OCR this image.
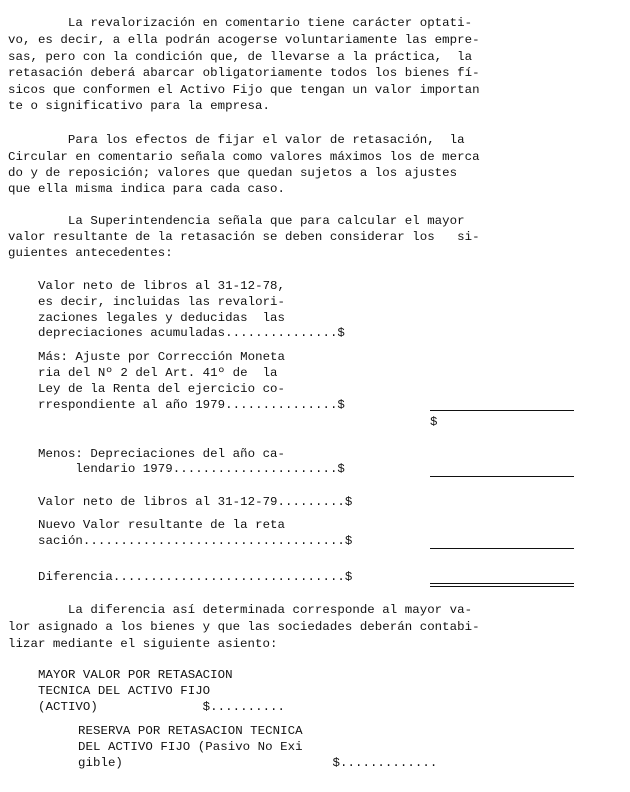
La revalorización en comentario tiene carácter optati-
vo, es decir, a ella podrán acogerse voluntariamente las empre-
sas, pero con la condición que, de llevarse a la práctica,  la
retasación deberá abarcar obligatoriamente todos los bienes fí-
sicos que conformen el Activo Fijo que tengan un valor importan
te o significativo para la empresa.
Para los efectos de fijar el valor de retasación,  la
Circular en comentario señala como valores máximos los de merca
do y de reposición; valores que quedan sujetos a los ajustes
que ella misma indica para cada caso.
La Superintendencia señala que para calcular el mayor
valor resultante de la retasación se deben considerar los   si-
guientes antecedentes:
Valor neto de libros al 31-12-78,
es decir, incluidas las revalori-
zaciones legales y deducidas  las
depreciaciones acumuladas...............$
Más: Ajuste por Corrección Moneta
ria del Nº 2 del Art. 41º de  la
Ley de la Renta del ejercicio co-
rrespondiente al año 1979...............$
$
Menos: Depreciaciones del año ca-
lendario 1979......................$
Valor neto de libros al 31-12-79.........$
Nuevo Valor resultante de la reta
sación...................................$
Diferencia...............................$
La diferencia así determinada corresponde al mayor va-
lor asignado a los bienes y que las sociedades deberán contabi-
lizar mediante el siguiente asiento:
MAYOR VALOR POR RETASACION
TECNICA DEL ACTIVO FIJO
(ACTIVO)              $..........
RESERVA POR RETASACION TECNICA
DEL ACTIVO FIJO (Pasivo No Exi
gible)                            $.............
